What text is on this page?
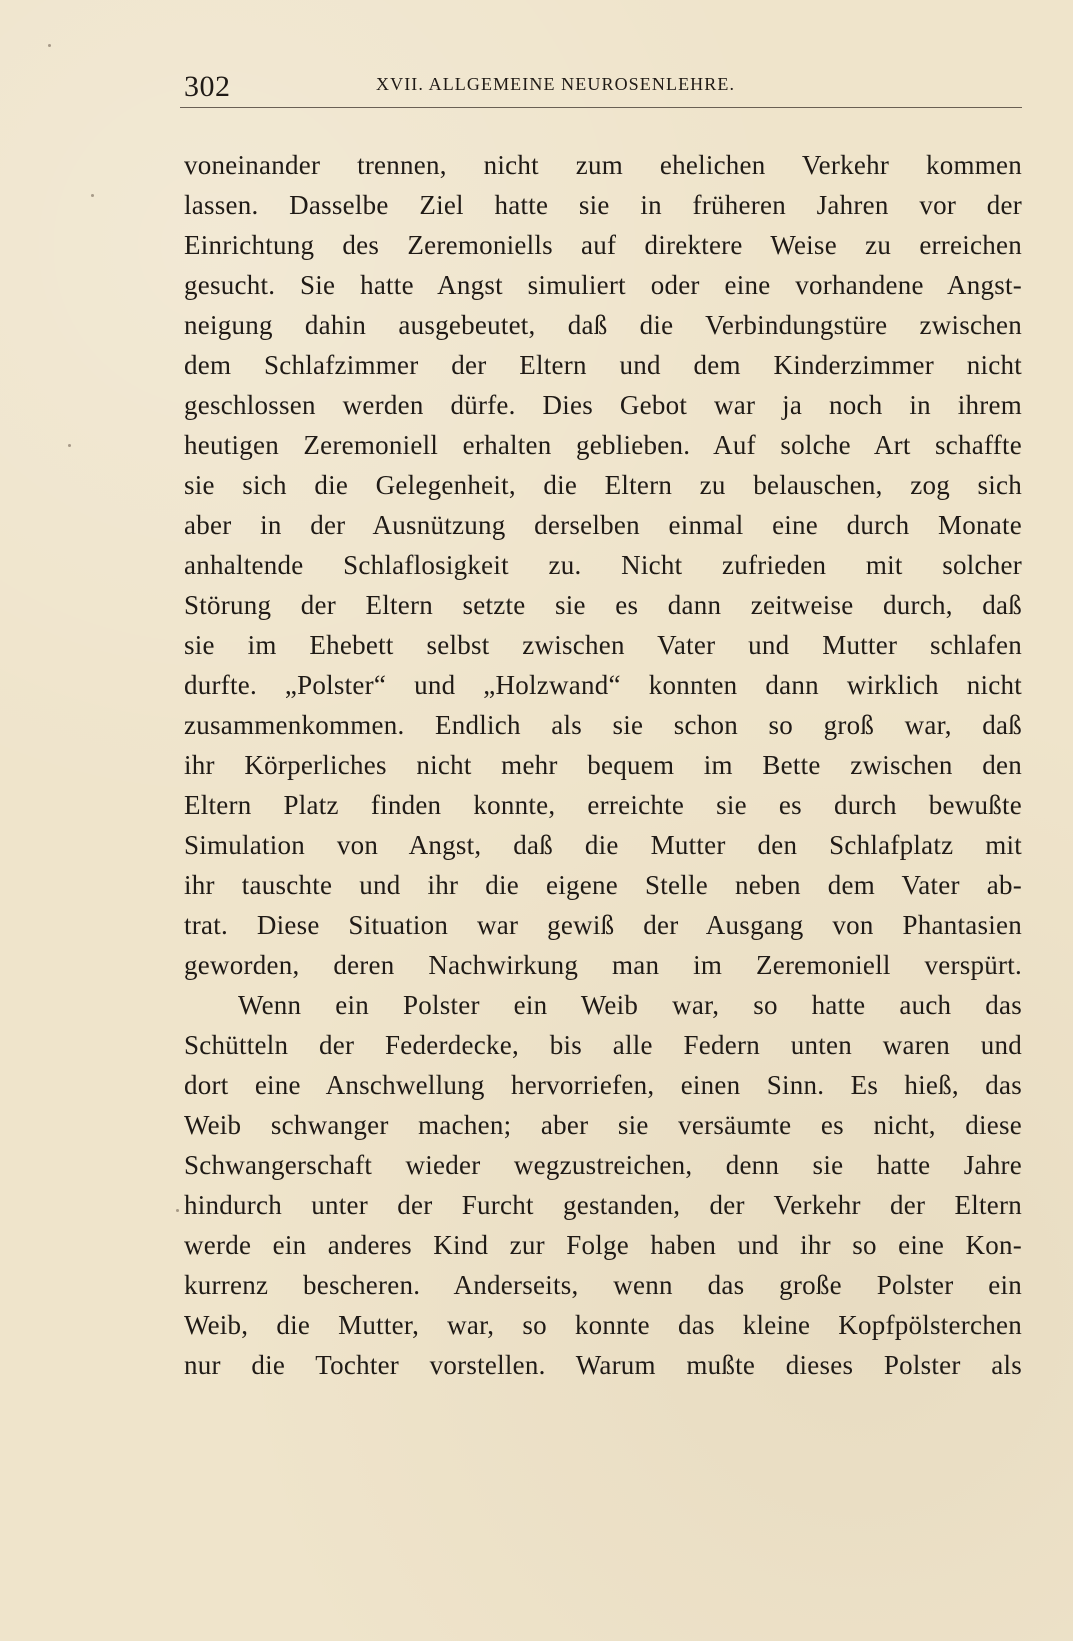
302	XVII. ALLGEMEINE NEUROSENLEHRE.
voneinander trennen, nicht zum ehelichen Verkehr kommen
lassen. Dasselbe Ziel hatte sie in früheren Jahren vor der
Einrichtung des Zeremoniells auf direktere Weise zu erreichen
gesucht. Sie hatte Angst simuliert oder eine vorhandene Angst-
neigung dahin ausgebeutet, daß die Verbindungstüre zwischen
dem Schlafzimmer der Eltern und dem Kinderzimmer nicht
geschlossen werden dürfe. Dies Gebot war ja noch in ihrem
heutigen Zeremoniell erhalten geblieben. Auf solche Art schaffte
sie sich die Gelegenheit, die Eltern zu belauschen, zog sich
aber in der Ausnützung derselben einmal eine durch Monate
anhaltende Schlaflosigkeit zu. Nicht zufrieden mit solcher
Störung der Eltern setzte sie es dann zeitweise durch, daß
sie im Ehebett selbst zwischen Vater und Mutter schlafen
durfte. „Polster“ und „Holzwand“ konnten dann wirklich nicht
zusammenkommen. Endlich als sie schon so groß war, daß
ihr Körperliches nicht mehr bequem im Bette zwischen den
Eltern Platz finden konnte, erreichte sie es durch bewußte
Simulation von Angst, daß die Mutter den Schlafplatz mit
ihr tauschte und ihr die eigene Stelle neben dem Vater ab-
trat. Diese Situation war gewiß der Ausgang von Phantasien
geworden, deren Nachwirkung man im Zeremoniell verspürt.
Wenn ein Polster ein Weib war, so hatte auch das
Schütteln der Federdecke, bis alle Federn unten waren und
dort eine Anschwellung hervorriefen, einen Sinn. Es hieß, das
Weib schwanger machen; aber sie versäumte es nicht, diese
Schwangerschaft wieder wegzustreichen, denn sie hatte Jahre
hindurch unter der Furcht gestanden, der Verkehr der Eltern
werde ein anderes Kind zur Folge haben und ihr so eine Kon-
kurrenz bescheren. Anderseits, wenn das große Polster ein
Weib, die Mutter, war, so konnte das kleine Kopfpölsterchen
nur die Tochter vorstellen. Warum mußte dieses Polster als
